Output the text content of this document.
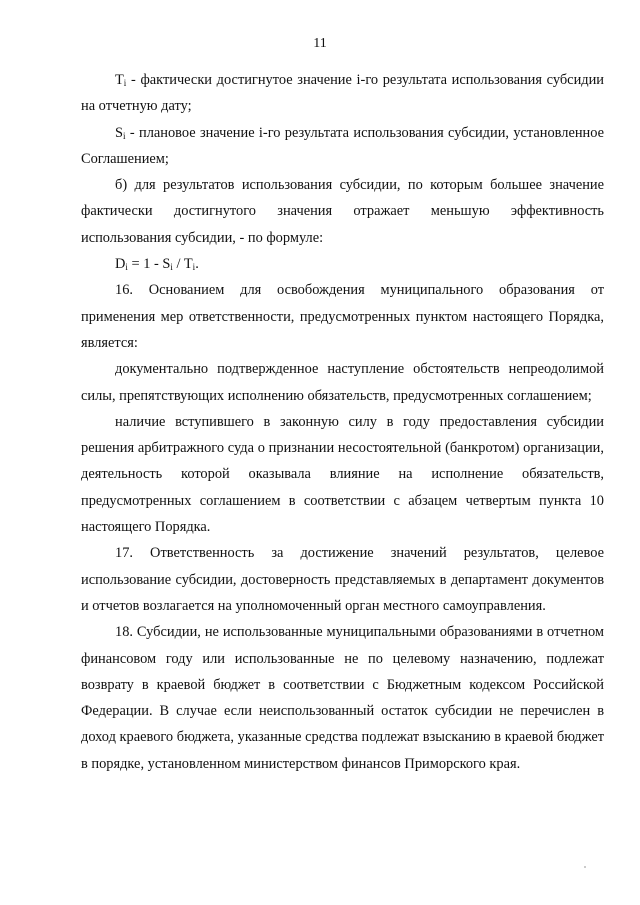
11

$T_i$ - фактически достигнутое значение i-го результата использования субсидии на отчетную дату;

$S_i$ - плановое значение i-го результата использования субсидии, установленное Соглашением;

б) для результатов использования субсидии, по которым большее значение фактически достигнутого значения отражает меньшую эффективность использования субсидии, - по формуле:

$D_i = 1 - S_i / T_i$.

16. Основанием для освобождения муниципального образования от применения мер ответственности, предусмотренных пунктом настоящего Порядка, является:

документально подтвержденное наступление обстоятельств непреодолимой силы, препятствующих исполнению обязательств, предусмотренных соглашением;

наличие вступившего в законную силу в году предоставления субсидии решения арбитражного суда о признании несостоятельной (банкротом) организации, деятельность которой оказывала влияние на исполнение обязательств, предусмотренных соглашением в соответствии с абзацем четвертым пункта 10 настоящего Порядка.

17. Ответственность за достижение значений результатов, целевое использование субсидии, достоверность представляемых в департамент документов и отчетов возлагается на уполномоченный орган местного самоуправления.

18. Субсидии, не использованные муниципальными образованиями в отчетном финансовом году или использованные не по целевому назначению, подлежат возврату в краевой бюджет в соответствии с Бюджетным кодексом Российской Федерации. В случае если неиспользованный остаток субсидии не перечислен в доход краевого бюджета, указанные средства подлежат взысканию в краевой бюджет в порядке, установленном министерством финансов Приморского края.
